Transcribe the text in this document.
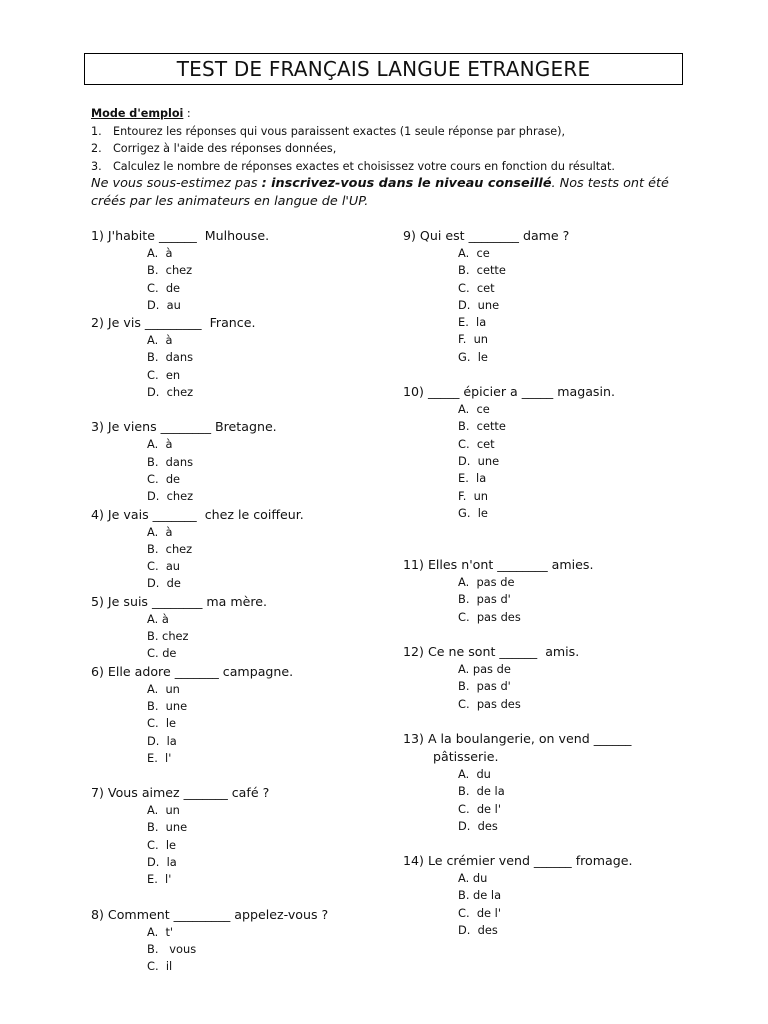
TEST DE FRANÇAIS LANGUE ETRANGERE
Mode d'emploi :
1.	Entourez les réponses qui vous paraissent exactes (1 seule réponse par phrase),
2.	Corrigez à l'aide des réponses données,
3.	Calculez le nombre de réponses exactes et choisissez votre cours en fonction du résultat.
Ne vous sous-estimez pas : inscrivez-vous dans le niveau conseillé. Nos tests ont été créés par les animateurs en langue de l'UP.
1) J'habite ______  Mulhouse.
A.  à
B.  chez
C.  de
D.  au
2) Je vis _________  France.
A.  à
B.  dans
C.  en
D.  chez
3) Je viens ________ Bretagne.
A.  à
B.  dans
C.  de
D.  chez
4) Je vais _______  chez le coiffeur.
A.  à
B.  chez
C.  au
D.  de
5) Je suis ________ ma mère.
A. à
B. chez
C. de
6) Elle adore _______ campagne.
A.  un
B.  une
C.  le
D.  la
E.  l'
7) Vous aimez _______ café ?
A.  un
B.  une
C.  le
D.  la
E.  l'
8) Comment _________ appelez-vous ?
A.  t'
B.   vous
C.  il
9) Qui est ________ dame ?
A.  ce
B.  cette
C.  cet
D.  une
E.  la
F.  un
G.  le
10) _____ épicier a _____ magasin.
A.  ce
B.  cette
C.  cet
D.  une
E.  la
F.  un
G.  le
11) Elles n'ont ________ amies.
A.  pas de
B.  pas d'
C.  pas des
12) Ce ne sont ______  amis.
A. pas de
B.  pas d'
C.  pas des
13) A la boulangerie, on vend ______
pâtisserie.
A.  du
B.  de la
C.  de l'
D.  des
14) Le crémier vend ______ fromage.
A. du
B. de la
C.  de l'
D.  des
